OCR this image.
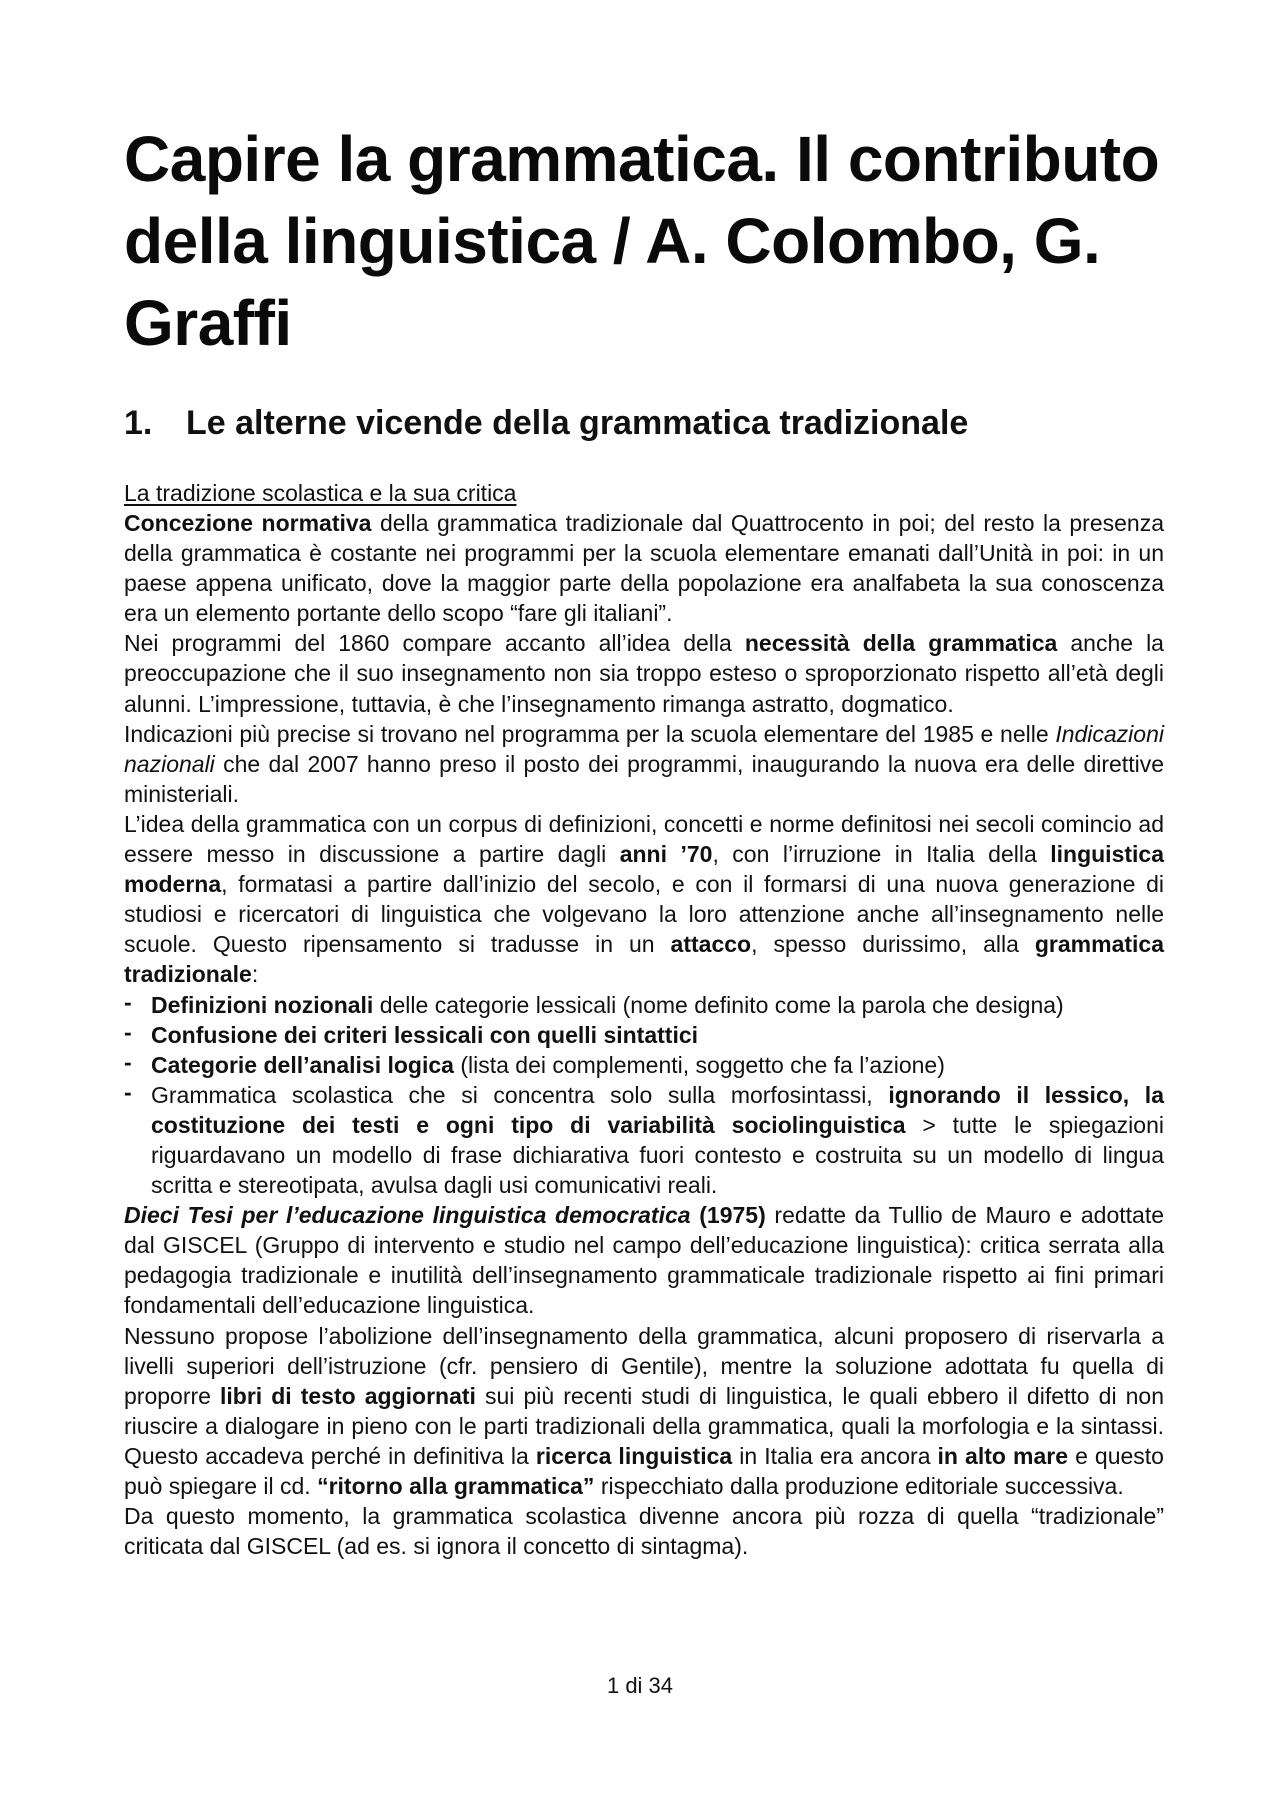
Capire la grammatica. Il contributo della linguistica / A. Colombo, G. Graffi
1. Le alterne vicende della grammatica tradizionale
La tradizione scolastica e la sua critica

Concezione normativa della grammatica tradizionale dal Quattrocento in poi; del resto la presenza della grammatica è costante nei programmi per la scuola elementare emanati dall’Unità in poi: in un paese appena unificato, dove la maggior parte della popolazione era analfabeta la sua conoscenza era un elemento portante dello scopo “fare gli italiani”.

Nei programmi del 1860 compare accanto all’idea della necessità della grammatica anche la preoccupazione che il suo insegnamento non sia troppo esteso o sproporzionato rispetto all’età degli alunni. L’impressione, tuttavia, è che l’insegnamento rimanga astratto, dogmatico.

Indicazioni più precise si trovano nel programma per la scuola elementare del 1985 e nelle Indicazioni nazionali che dal 2007 hanno preso il posto dei programmi, inaugurando la nuova era delle direttive ministeriali.

L’idea della grammatica con un corpus di definizioni, concetti e norme definitosi nei secoli comincio ad essere messo in discussione a partire dagli anni ’70, con l’irruzione in Italia della linguistica moderna, formatasi a partire dall’inizio del secolo, e con il formarsi di una nuova generazione di studiosi e ricercatori di linguistica che volgevano la loro attenzione anche all’insegnamento nelle scuole. Questo ripensamento si tradusse in un attacco, spesso durissimo, alla grammatica tradizionale:

- Definizioni nozionali delle categorie lessicali (nome definito come la parola che designa)
- Confusione dei criteri lessicali con quelli sintattici
- Categorie dell’analisi logica (lista dei complementi, soggetto che fa l’azione)
- Grammatica scolastica che si concentra solo sulla morfosintassi, ignorando il lessico, la costituzione dei testi e ogni tipo di variabilità sociolinguistica > tutte le spiegazioni riguardavano un modello di frase dichiarativa fuori contesto e costruita su un modello di lingua scritta e stereotipata, avulsa dagli usi comunicativi reali.

Dieci Tesi per l’educazione linguistica democratica (1975) redatte da Tullio de Mauro e adottate dal GISCEL (Gruppo di intervento e studio nel campo dell’educazione linguistica): critica serrata alla pedagogia tradizionale e inutilità dell’insegnamento grammaticale tradizionale rispetto ai fini primari fondamentali dell’educazione linguistica.

Nessuno propose l’abolizione dell’insegnamento della grammatica, alcuni proposero di riservarla a livelli superiori dell’istruzione (cfr. pensiero di Gentile), mentre la soluzione adottata fu quella di proporre libri di testo aggiornati sui più recenti studi di linguistica, le quali ebbero il difetto di non riuscire a dialogare in pieno con le parti tradizionali della grammatica, quali la morfologia e la sintassi. Questo accadeva perché in definitiva la ricerca linguistica in Italia era ancora in alto mare e questo può spiegare il cd. “ritorno alla grammatica” rispecchiato dalla produzione editoriale successiva.

Da questo momento, la grammatica scolastica divenne ancora più rozza di quella “tradizionale” criticata dal GISCEL (ad es. si ignora il concetto di sintagma).

1 di 34
